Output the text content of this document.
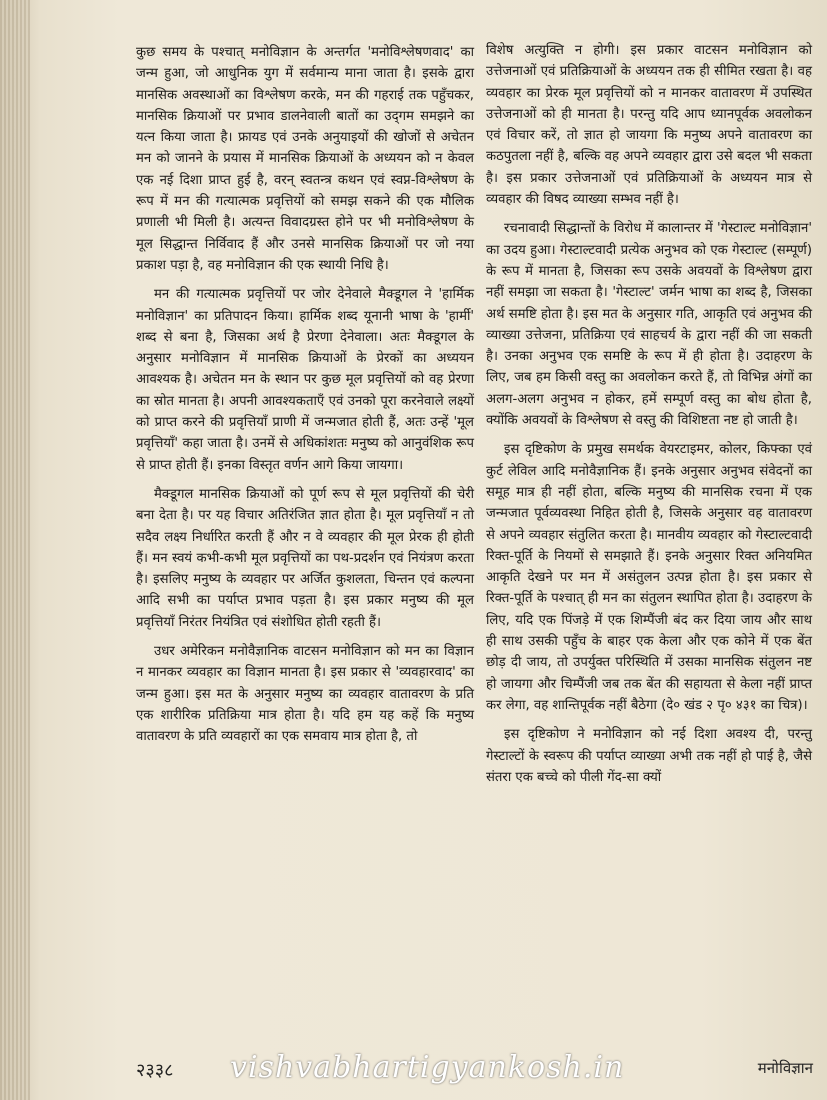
कुछ समय के पश्चात् मनोविज्ञान के अन्तर्गत 'मनोविश्लेषणवाद' का जन्म हुआ, जो आधुनिक युग में सर्वमान्य माना जाता है। इसके द्वारा मानसिक अवस्थाओं का विश्लेषण करके, मन की गहराई तक पहुँचकर, मानसिक क्रियाओं पर प्रभाव डालनेवाली बातों का उद्‌गम समझने का यत्न किया जाता है। फ्रायड एवं उनके अनुयाइयों की खोजों से अचेतन मन को जानने के प्रयास में मानसिक क्रियाओं के अध्ययन को न केवल एक नई दिशा प्राप्त हुई है, वरन् स्वतन्त्र कथन एवं स्वप्न-विश्लेषण के रूप में मन की गत्यात्मक प्रवृत्तियों को समझ सकने की एक मौलिक प्रणाली भी मिली है। अत्यन्त विवादग्रस्त होने पर भी मनोविश्लेषण के मूल सिद्धान्त निर्विवाद हैं और उनसे मानसिक क्रियाओं पर जो नया प्रकाश पड़ा है, वह मनोविज्ञान की एक स्थायी निधि है।

मन की गत्यात्मक प्रवृत्तियों पर जोर देनेवाले मैक्डूगल ने 'हार्मिक मनोविज्ञान' का प्रतिपादन किया। हार्मिक शब्द यूनानी भाषा के 'हार्मी' शब्द से बना है, जिसका अर्थ है प्रेरणा देनेवाला। अतः मैक्डूगल के अनुसार मनोविज्ञान में मानसिक क्रियाओं के प्रेरकों का अध्ययन आवश्यक है। अचेतन मन के स्थान पर कुछ मूल प्रवृत्तियों को वह प्रेरणा का स्रोत मानता है। अपनी आवश्यकताएँ एवं उनको पूरा करनेवाले लक्ष्यों को प्राप्त करने की प्रवृत्तियाँ प्राणी में जन्मजात होती हैं, अतः उन्हें 'मूल प्रवृत्तियाँ' कहा जाता है। उनमें से अधिकांशतः मनुष्य को आनुवंशिक रूप से प्राप्त होती हैं। इनका विस्तृत वर्णन आगे किया जायगा।

मैक्डूगल मानसिक क्रियाओं को पूर्ण रूप से मूल प्रवृत्तियों की चेरी बना देता है। पर यह विचार अतिरंजित ज्ञात होता है। मूल प्रवृत्तियाँ न तो सदैव लक्ष्य निर्धारित करती हैं और न वे व्यवहार की मूल प्रेरक ही होती हैं। मन स्वयं कभी-कभी मूल प्रवृत्तियों का पथ-प्रदर्शन एवं नियंत्रण करता है। इसलिए मनुष्य के व्यवहार पर अर्जित कुशलता, चिन्तन एवं कल्पना आदि सभी का पर्याप्त प्रभाव पड़ता है। इस प्रकार मनुष्य की मूल प्रवृत्तियाँ निरंतर नियंत्रित एवं संशोधित होती रहती हैं।

उधर अमेरिकन मनोवैज्ञानिक वाटसन मनोविज्ञान को मन का विज्ञान न मानकर व्यवहार का विज्ञान मानता है। इस प्रकार से 'व्यवहारवाद' का जन्म हुआ। इस मत के अनुसार मनुष्य का व्यवहार वातावरण के प्रति एक शारीरिक प्रतिक्रिया मात्र होता है। यदि हम यह कहें कि मनुष्य वातावरण के प्रति व्यवहारों का एक समवाय मात्र होता है, तो

विशेष अत्युक्ति न होगी। इस प्रकार वाटसन मनोविज्ञान को उत्तेजनाओं एवं प्रतिक्रियाओं के अध्ययन तक ही सीमित रखता है। वह व्यवहार का प्रेरक मूल प्रवृत्तियों को न मानकर वातावरण में उपस्थित उत्तेजनाओं को ही मानता है। परन्तु यदि आप ध्यानपूर्वक अवलोकन एवं विचार करें, तो ज्ञात हो जायगा कि मनुष्य अपने वातावरण का कठपुतला नहीं है, बल्कि वह अपने व्यवहार द्वारा उसे बदल भी सकता है। इस प्रकार उत्तेजनाओं एवं प्रतिक्रियाओं के अध्ययन मात्र से व्यवहार की विषद व्याख्या सम्भव नहीं है।

रचनावादी सिद्धान्तों के विरोध में कालान्तर में 'गेस्टाल्ट मनोविज्ञान' का उदय हुआ। गेस्टाल्टवादी प्रत्येक अनुभव को एक गेस्टाल्ट (सम्पूर्ण) के रूप में मानता है, जिसका रूप उसके अवयवों के विश्लेषण द्वारा नहीं समझा जा सकता है। 'गेस्टाल्ट' जर्मन भाषा का शब्द है, जिसका अर्थ समष्टि होता है। इस मत के अनुसार गति, आकृति एवं अनुभव की व्याख्या उत्तेजना, प्रतिक्रिया एवं साहचर्य के द्वारा नहीं की जा सकती है। उनका अनुभव एक समष्टि के रूप में ही होता है। उदाहरण के लिए, जब हम किसी वस्तु का अवलोकन करते हैं, तो विभिन्न अंगों का अलग-अलग अनुभव न होकर, हमें सम्पूर्ण वस्तु का बोध होता है, क्योंकि अवयवों के विश्लेषण से वस्तु की विशिष्टता नष्ट हो जाती है।

इस दृष्टिकोण के प्रमुख समर्थक वेयरटाइमर, कोलर, किफ्का एवं कुर्ट लेविल आदि मनोवैज्ञानिक हैं। इनके अनुसार अनुभव संवेदनों का समूह मात्र ही नहीं होता, बल्कि मनुष्य की मानसिक रचना में एक जन्मजात पूर्वव्यवस्था निहित होती है, जिसके अनुसार वह वातावरण से अपने व्यवहार संतुलित करता है। मानवीय व्यवहार को गेस्टाल्टवादी रिक्त-पूर्ति के नियमों से समझाते हैं। इनके अनुसार रिक्त अनियमित आकृति देखने पर मन में असंतुलन उत्पन्न होता है। इस प्रकार से रिक्त-पूर्ति के पश्चात् ही मन का संतुलन स्थापित होता है। उदाहरण के लिए, यदि एक पिंजड़े में एक शिम्पैंजी बंद कर दिया जाय और साथ ही साथ उसकी पहुँच के बाहर एक केला और एक कोने में एक बेंत छोड़ दी जाय, तो उपर्युक्त परिस्थिति में उसका मानसिक संतुलन नष्ट हो जायगा और चिम्पैंजी जब तक बेंत की सहायता से केला नहीं प्राप्त कर लेगा, वह शान्तिपूर्वक नहीं बैठेगा (दे० खंड २ पृ० ४३१ का चित्र)।

इस दृष्टिकोण ने मनोविज्ञान को नई दिशा अवश्य दी, परन्तु गेस्टाल्टों के स्वरूप की पर्याप्त व्याख्या अभी तक नहीं हो पाई है, जैसे संतरा एक बच्चे को पीली गेंद-सा क्यों

२३३८ vishvabhartigyankosh.in	मनोविज्ञान
